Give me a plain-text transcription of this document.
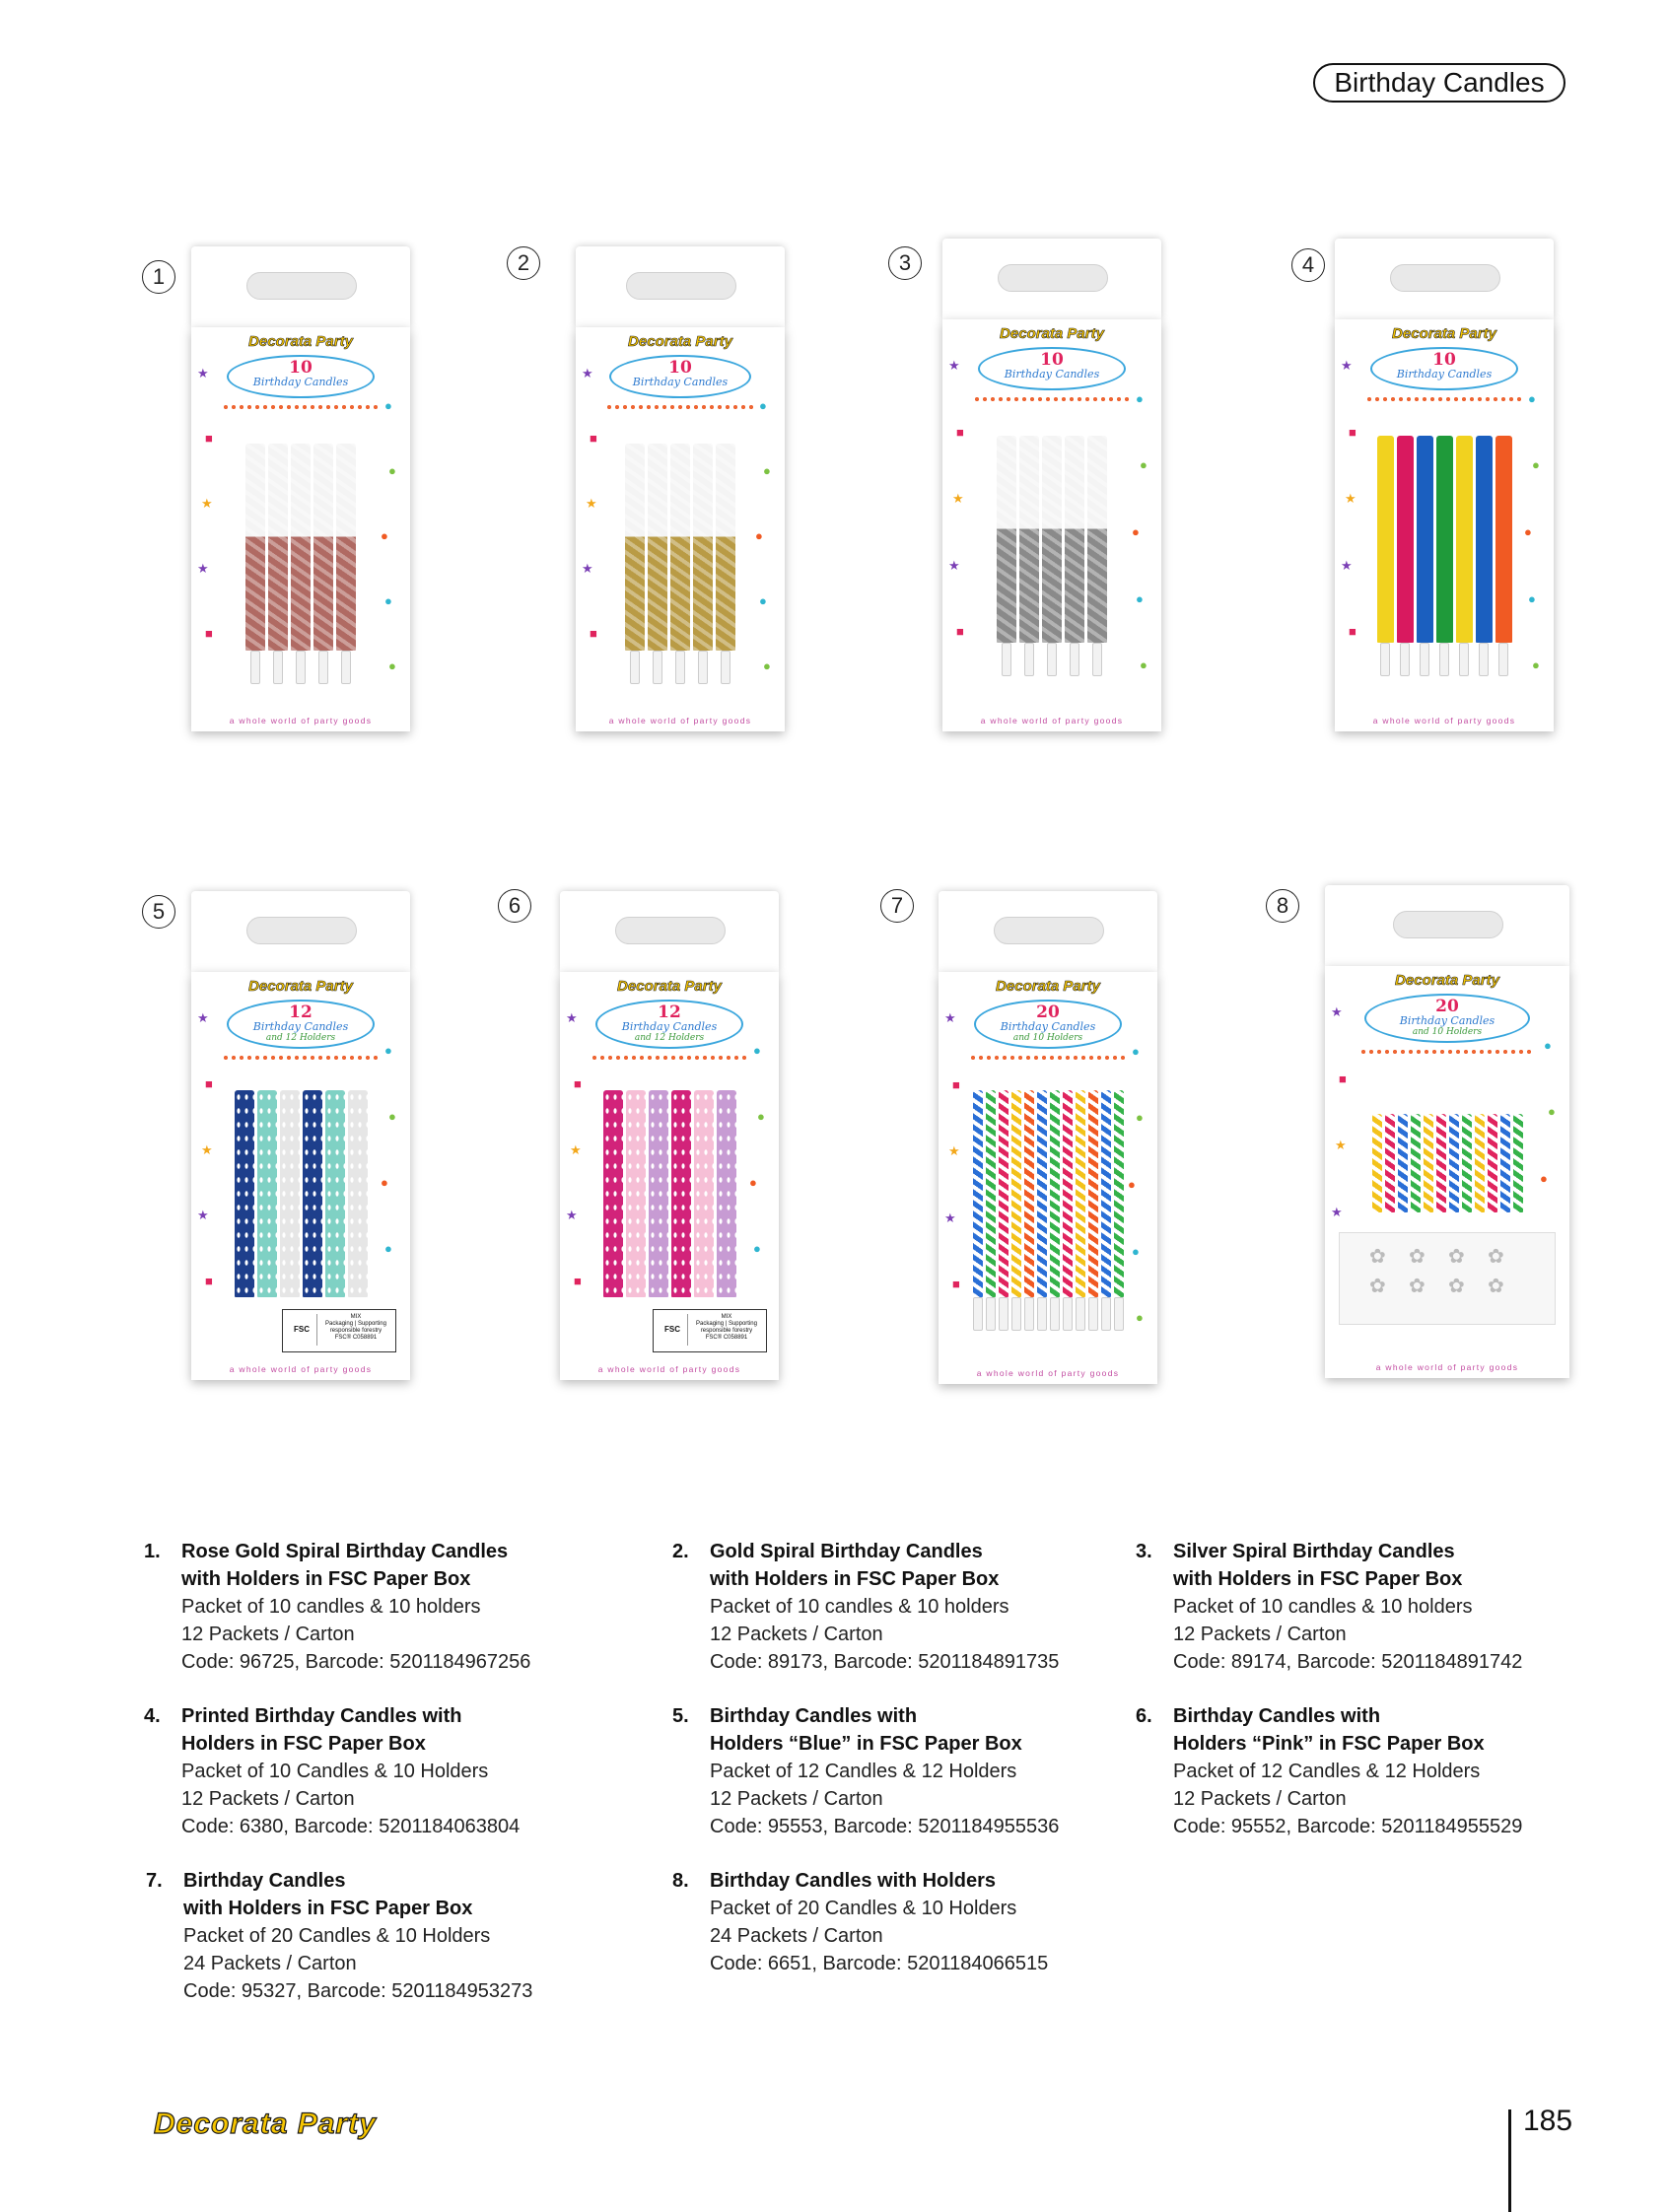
Birthday Candles
1
Decorata Party
10
Birthday Candles
★
●
■
●
★
●
★
●
■
●
a whole world of party goods
2
Decorata Party
10
Birthday Candles
★
●
■
●
★
●
★
●
■
●
a whole world of party goods
3
Decorata Party
10
Birthday Candles
★
●
■
●
★
●
★
●
■
●
a whole world of party goods
4
Decorata Party
10
Birthday Candles
★
●
■
●
★
●
★
●
■
●
a whole world of party goods
5
Decorata Party
12
Birthday Candles
and 12 Holders
★
●
■
●
★
●
★
●
■
FSC
MIX
Packaging | Supporting
responsible forestry
FSC® C058891
a whole world of party goods
6
Decorata Party
12
Birthday Candles
and 12 Holders
★
●
■
●
★
●
★
●
■
FSC
MIX
Packaging | Supporting
responsible forestry
FSC® C058891
a whole world of party goods
7
Decorata Party
20
Birthday Candles
and 10 Holders
★
●
■
●
★
●
★
●
■
●
a whole world of party goods
8
Decorata Party
20
Birthday Candles
and 10 Holders
★
●
■
●
★
●
★
✿ ✿ ✿ ✿
✿ ✿ ✿ ✿
a whole world of party goods
1. Rose Gold Spiral Birthday Candles
with Holders in FSC Paper Box
Packet of 10 candles & 10 holders
12 Packets / Carton
Code: 96725, Barcode: 5201184967256
2. Gold Spiral Birthday Candles
with Holders in FSC Paper Box
Packet of 10 candles & 10 holders
12 Packets / Carton
Code: 89173, Barcode: 5201184891735
3. Silver Spiral Birthday Candles
with Holders in FSC Paper Box
Packet of 10 candles & 10 holders
12 Packets / Carton
Code: 89174, Barcode: 5201184891742
4. Printed Birthday Candles with
Holders in FSC Paper Box
Packet of 10 Candles & 10 Holders
12 Packets / Carton
Code: 6380, Barcode: 5201184063804
5. Birthday Candles with
Holders “Blue” in FSC Paper Box
Packet of 12 Candles & 12 Holders
12 Packets / Carton
Code: 95553, Barcode: 5201184955536
6. Birthday Candles with
Holders “Pink” in FSC Paper Box
Packet of 12 Candles & 12 Holders
12 Packets / Carton
Code: 95552, Barcode: 5201184955529
7. Birthday Candles
with Holders in FSC Paper Box
Packet of 20 Candles & 10 Holders
24 Packets / Carton
Code: 95327, Barcode: 5201184953273
8. Birthday Candles with Holders
Packet of 20 Candles & 10 Holders
24 Packets / Carton
Code: 6651, Barcode: 5201184066515
Decorata Party	185
